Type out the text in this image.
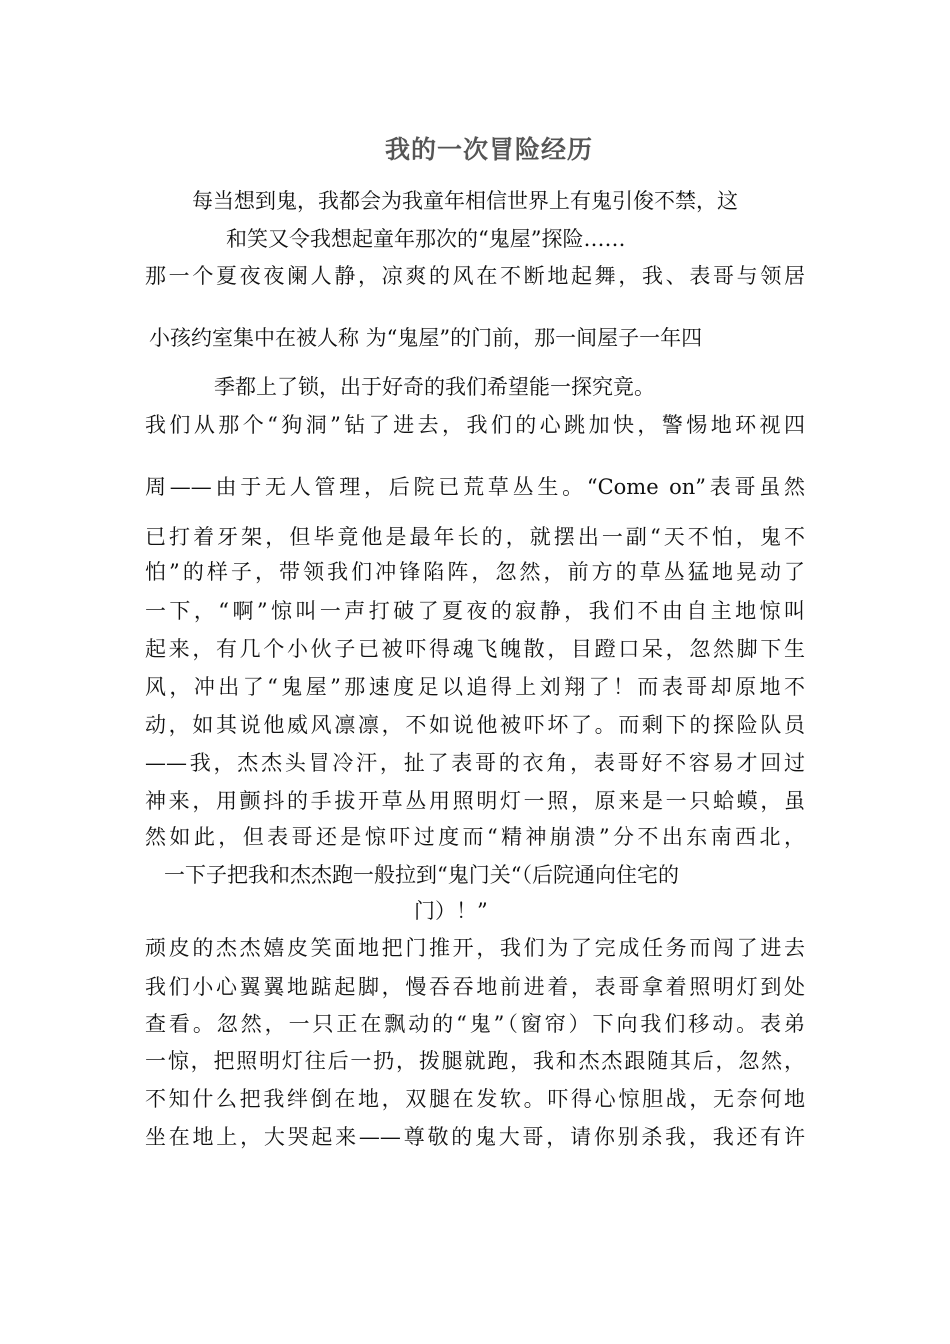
我的一次冒险经历
每当想到鬼，我都会为我童年相信世界上有鬼引俊不禁，这
和笑又令我想起童年那次的“鬼屋”探险……
那一个夏夜夜阑人静，凉爽的风在不断地起舞，我、表哥与领居
小孩约室集中在被人称 为“鬼屋”的门前，那一间屋子一年四
季都上了锁，出于好奇的我们希望能一探究竟。
我们从那个“狗洞”钻了进去，我们的心跳加快，警惕地环视四
周——由于无人管理，后院已荒草丛生。“Come on”表哥虽然
已打着牙架，但毕竟他是最年长的，就摆出一副“天不怕，鬼不
怕”的样子，带领我们冲锋陷阵，忽然，前方的草丛猛地晃动了
一下，“啊”惊叫一声打破了夏夜的寂静，我们不由自主地惊叫
起来，有几个小伙子已被吓得魂飞魄散，目蹬口呆，忽然脚下生
风，冲出了“鬼屋”那速度足以追得上刘翔了！而表哥却原地不
动，如其说他威风凛凛，不如说他被吓坏了。而剩下的探险队员
——我，杰杰头冒冷汗，扯了表哥的衣角，表哥好不容易才回过
神来，用颤抖的手拔开草丛用照明灯一照，原来是一只蛤蟆，虽
然如此，但表哥还是惊吓过度而“精神崩溃”分不出东南西北，
一下子把我和杰杰跑一般拉到“鬼门关“（后院通向住宅的
门）！”
顽皮的杰杰嬉皮笑面地把门推开，我们为了完成任务而闯了进去
我们小心翼翼地踮起脚，慢吞吞地前进着，表哥拿着照明灯到处
查看。忽然，一只正在飘动的“鬼”（窗帘）下向我们移动。表弟
一惊，把照明灯往后一扔，拨腿就跑，我和杰杰跟随其后，忽然，
不知什么把我绊倒在地，双腿在发软。吓得心惊胆战，无奈何地
坐在地上，大哭起来——尊敬的鬼大哥，请你别杀我，我还有许
